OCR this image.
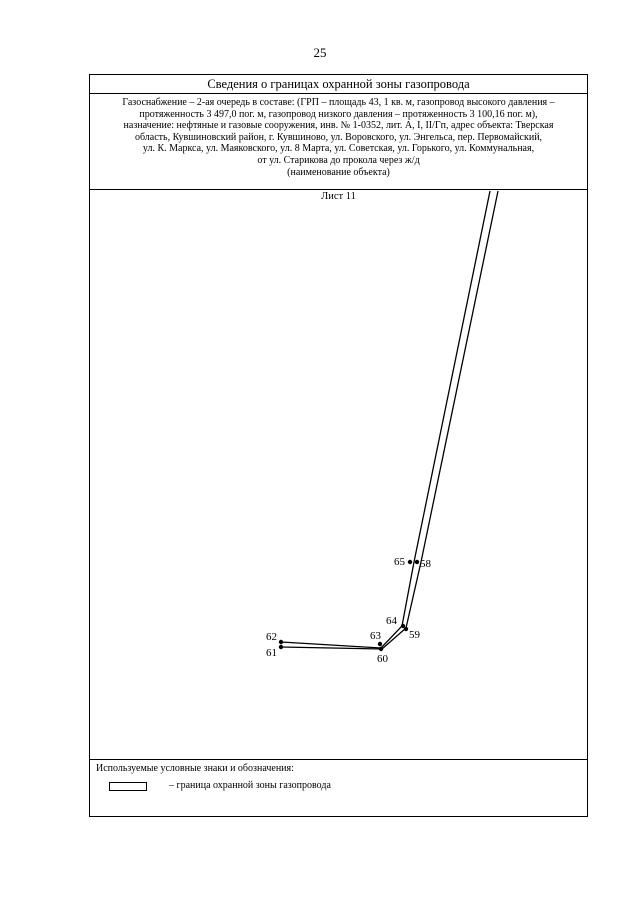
25
Сведения о границах охранной зоны газопровода
Газоснабжение – 2-ая очередь в составе: (ГРП – площадь 43, 1 кв. м, газопровод высокого давления –
протяженность 3 497,0 пог. м, газопровод низкого давления – протяженность 3 100,16 пог. м),
назначение: нефтяные и газовые сооружения, инв. № 1-0352, лит. А, I, II/Гп, адрес объекта: Тверская
область, Кувшиновский район, г. Кувшиново, ул. Воровского, ул. Энгельса, пер. Первомайский,
ул. К. Маркса, ул. Маяковского, ул. 8 Марта, ул. Советская, ул. Горького, ул. Коммунальная,
от ул. Старикова до прокола через ж/д
(наименование объекта)
Лист 11
65 58
64
59
63
60
62
61
Используемые условные знаки и обозначения:
– граница охранной зоны газопровода
